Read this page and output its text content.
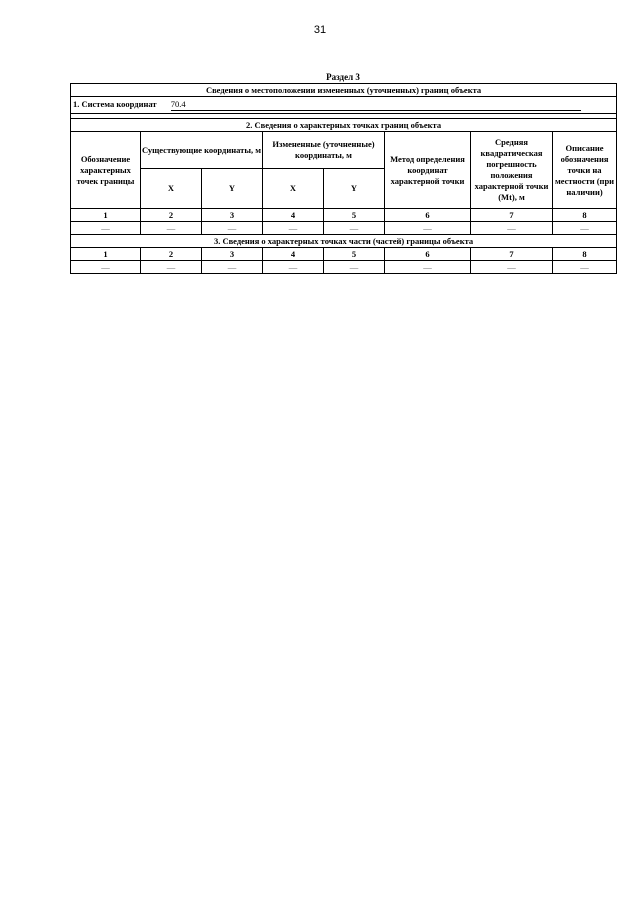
31
Раздел 3
Сведения о местоположении измененных (уточненных) границ объекта							
1. Система координат 70.4							

2. Сведения о характерных точках границ объекта							
Обозначение характерных точек границы	Существующие координаты, м		Измененные (уточненные) координаты, м		Метод определения координат характерной точки	Средняя квадратическая погрешность положения характерной точки (Mt), м	Описание обозначения точки на местности (при наличии)
	X	Y	X	Y			
1	2	3	4	5	6	7	8
—	—	—	—	—	—	—	—
3. Сведения о характерных точках части (частей) границы объекта							
1	2	3	4	5	6	7	8
—	—	—	—	—	—	—	—
